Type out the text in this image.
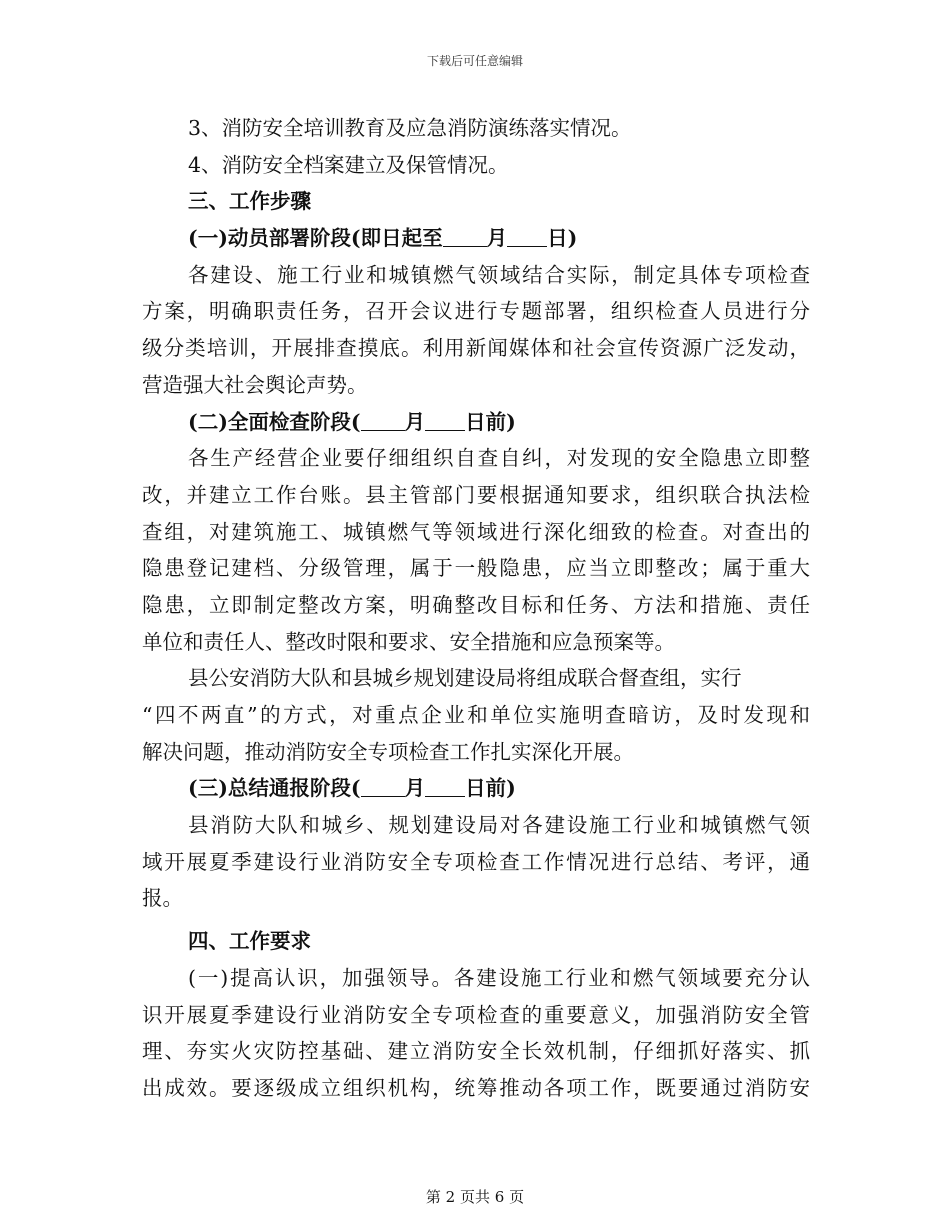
下载后可任意编辑
3、消防安全培训教育及应急消防演练落实情况。
4、消防安全档案建立及保管情况。
三、工作步骤
(一)动员部署阶段(即日起至 月 日)
各建设、施工行业和城镇燃气领域结合实际，制定具体专项检查
方案，明确职责任务，召开会议进行专题部署，组织检查人员进行分
级分类培训，开展排查摸底。利用新闻媒体和社会宣传资源广泛发动，
营造强大社会舆论声势。
(二)全面检查阶段( 月 日前)
各生产经营企业要仔细组织自查自纠，对发现的安全隐患立即整
改，并建立工作台账。县主管部门要根据通知要求，组织联合执法检
查组，对建筑施工、城镇燃气等领域进行深化细致的检查。对查出的
隐患登记建档、分级管理，属于一般隐患，应当立即整改；属于重大
隐患，立即制定整改方案，明确整改目标和任务、方法和措施、责任
单位和责任人、整改时限和要求、安全措施和应急预案等。
县公安消防大队和县城乡规划建设局将组成联合督查组，实行
“四不两直”的方式，对重点企业和单位实施明查暗访，及时发现和
解决问题，推动消防安全专项检查工作扎实深化开展。
(三)总结通报阶段( 月 日前)
县消防大队和城乡、规划建设局对各建设施工行业和城镇燃气领
域开展夏季建设行业消防安全专项检查工作情况进行总结、考评，通
报。
四、工作要求
(一)提高认识，加强领导。各建设施工行业和燃气领域要充分认
识开展夏季建设行业消防安全专项检查的重要意义，加强消防安全管
理、夯实火灾防控基础、建立消防安全长效机制，仔细抓好落实、抓
出成效。要逐级成立组织机构，统筹推动各项工作，既要通过消防安
第 2 页共 6 页
